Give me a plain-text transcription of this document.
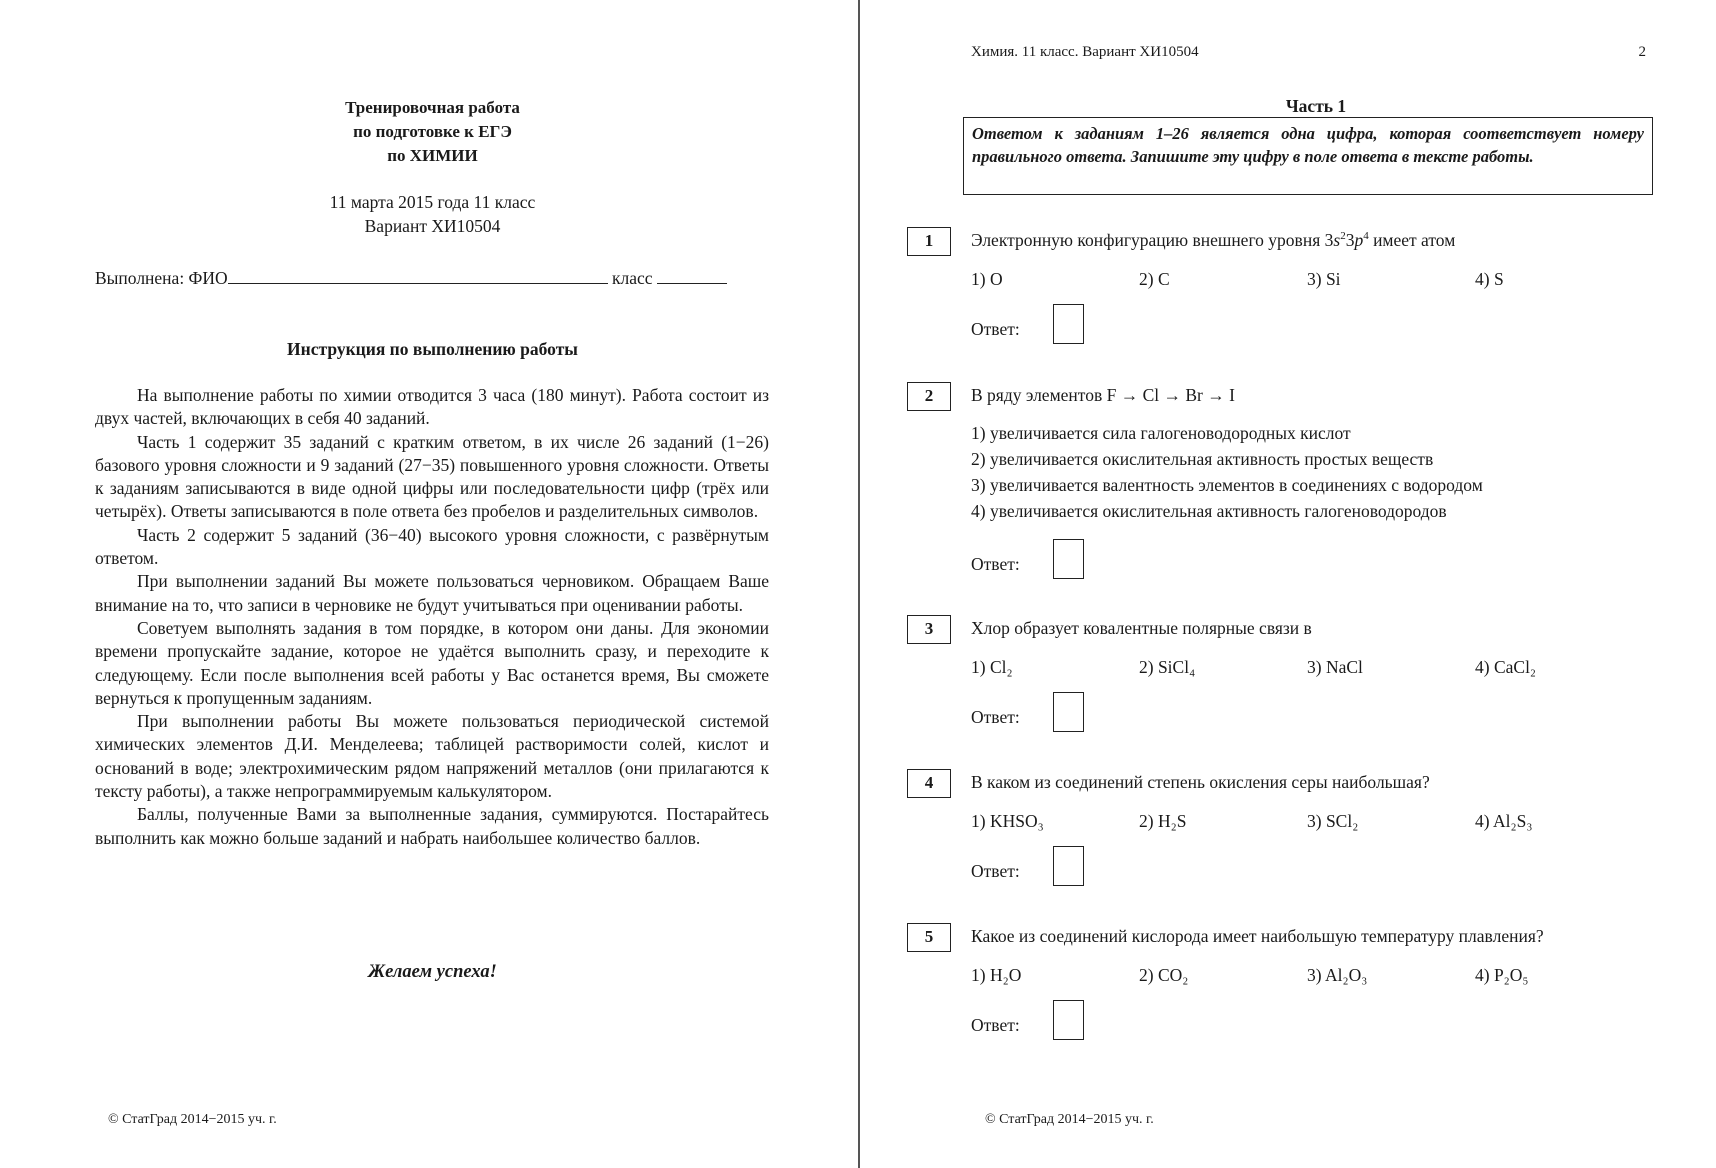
Тренировочная работа
по подготовке к ЕГЭ
по ХИМИИ
11 марта 2015 года 11 класс
Вариант ХИ10504
Выполнена: ФИО	класс
Инструкция по выполнению работы

На выполнение работы по химии отводится 3 часа (180 минут). Работа состоит из двух частей, включающих в себя 40 заданий.

Часть 1 содержит 35 заданий с кратким ответом, в их числе 26 заданий (1−26) базового уровня сложности и 9 заданий (27−35) повышенного уровня сложности. Ответы к заданиям записываются в виде одной цифры или последовательности цифр (трёх или четырёх). Ответы записываются в поле ответа без пробелов и разделительных символов.

Часть 2 содержит 5 заданий (36−40) высокого уровня сложности, с развёрнутым ответом.

При выполнении заданий Вы можете пользоваться черновиком. Обращаем Ваше внимание на то, что записи в черновике не будут учитываться при оценивании работы.

Советуем выполнять задания в том порядке, в котором они даны. Для экономии времени пропускайте задание, которое не удаётся выполнить сразу, и переходите к следующему. Если после выполнения всей работы у Вас останется время, Вы сможете вернуться к пропущенным заданиям.

При выполнении работы Вы можете пользоваться периодической системой химических элементов Д.И. Менделеева; таблицей растворимости солей, кислот и оснований в воде; электрохимическим рядом напряжений металлов (они прилагаются к тексту работы), а также непрограммируемым калькулятором.

Баллы, полученные Вами за выполненные задания, суммируются. Постарайтесь выполнить как можно больше заданий и набрать наибольшее количество баллов.

Желаем успеха!
© СтатГрад 2014−2015 уч. г.
Химия. 11 класс. Вариант ХИ10504	2
Часть 1
Ответом к заданиям 1–26 является одна цифра, которая соответствует номеру правильного ответа. Запишите эту цифру в поле ответа в тексте работы.
1	Электронную конфигурацию внешнего уровня $3s^23p^4$ имеет атом
1) O	2) C	3) Si	4) S
Ответ:
2	В ряду элементов F → Cl → Br → I
1) увеличивается сила галогеноводородных кислот
2) увеличивается окислительная активность простых веществ
3) увеличивается валентность элементов в соединениях с водородом
4) увеличивается окислительная активность галогеноводородов
Ответ:
3	Хлор образует ковалентные полярные связи в
1) Cl₂	2) SiCl₄	3) NaCl	4) CaCl₂
Ответ:
4	В каком из соединений степень окисления серы наибольшая?
1) KHSO₃	2) H₂S	3) SCl₂	4) Al₂S₃
Ответ:
5	Какое из соединений кислорода имеет наибольшую температуру плавления?
1) H₂O	2) CO₂	3) Al₂O₃	4) P₂O₅
Ответ:
© СтатГрад 2014−2015 уч. г.
